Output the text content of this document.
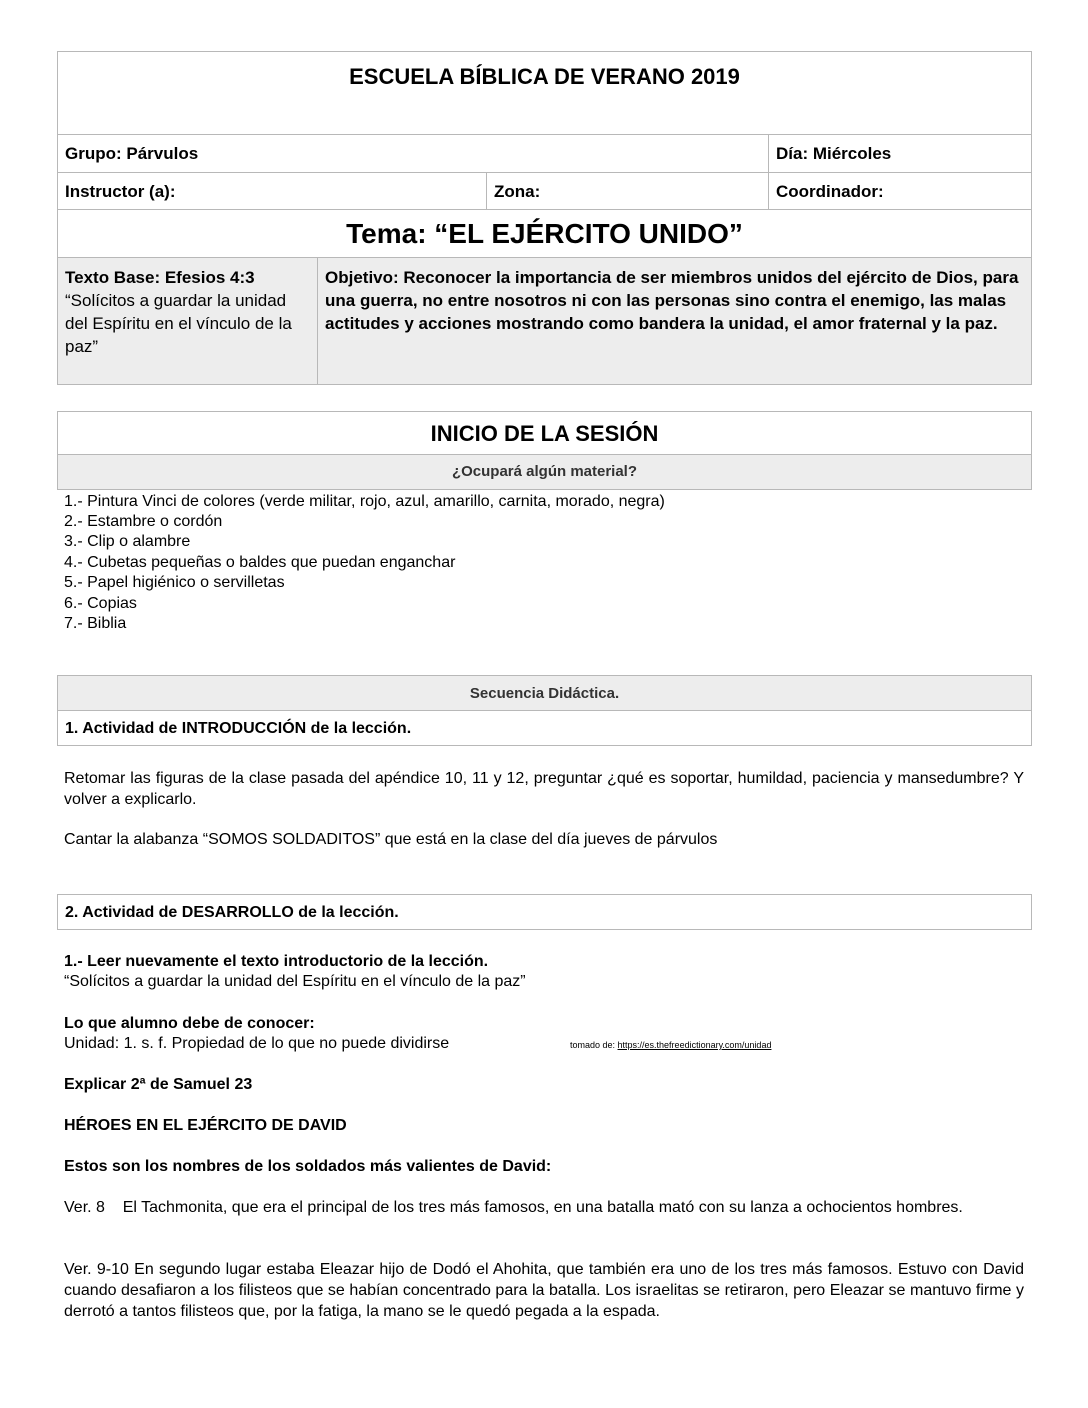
ESCUELA BÍBLICA DE VERANO 2019
Grupo: Párvulos	Día: Miércoles
Instructor (a):	Zona:	Coordinador:
Tema: “EL EJÉRCITO UNIDO”
Texto Base: Efesios 4:3
“Solícitos a guardar la unidad del Espíritu en el vínculo de la paz”
Objetivo: Reconocer la importancia de ser miembros unidos del ejército de Dios, para una guerra, no entre nosotros ni con las personas sino contra el enemigo, las malas actitudes y acciones mostrando como bandera la unidad, el amor fraternal y la paz.
INICIO DE LA SESIÓN
¿Ocupará algún material?
1.- Pintura Vinci de colores (verde militar, rojo, azul, amarillo, carnita, morado, negra)
2.- Estambre o cordón
3.- Clip o alambre
4.- Cubetas pequeñas o baldes que puedan enganchar
5.- Papel higiénico o servilletas
6.- Copias
7.- Biblia
Secuencia Didáctica.
1. Actividad de INTRODUCCIÓN de la lección.
Retomar las figuras de la clase pasada del apéndice 10, 11 y 12, preguntar ¿qué es soportar, humildad, paciencia y mansedumbre? Y volver a explicarlo.
Cantar la alabanza “SOMOS SOLDADITOS” que está en la clase del día jueves de párvulos
2. Actividad de DESARROLLO de la lección.
1.- Leer nuevamente el texto introductorio de la lección.
“Solícitos a guardar la unidad del Espíritu en el vínculo de la paz”
Lo que alumno debe de conocer:
Unidad: 1. s. f. Propiedad de lo que no puede dividirse	tomado de: https://es.thefreedictionary.com/unidad
Explicar 2ª de Samuel 23
HÉROES EN EL EJÉRCITO DE DAVID
Estos son los nombres de los soldados más valientes de David:
Ver. 8    El Tachmonita, que era el principal de los tres más famosos, en una batalla mató con su lanza a ochocientos hombres.
Ver. 9-10 En segundo lugar estaba Eleazar hijo de Dodó el Ahohita, que también era uno de los tres más famosos. Estuvo con David cuando desafiaron a los filisteos que se habían concentrado para la batalla. Los israelitas se retiraron, pero Eleazar se mantuvo firme y derrotó a tantos filisteos que, por la fatiga, la mano se le quedó pegada a la espada.
